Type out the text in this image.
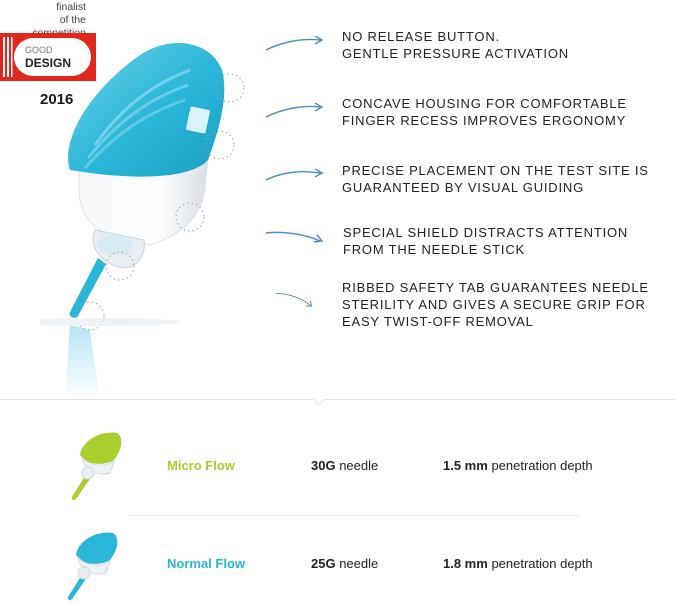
finalist
of the
GOOD
DESIGN
2016
NO RELEASE BUTTON.
GENTLE PRESSURE ACTIVATION
CONCAVE HOUSING FOR COMFORTABLE
FINGER RECESS IMPROVES ERGONOMY
PRECISE PLACEMENT ON THE TEST SITE IS
GUARANTEED BY VISUAL GUIDING
SPECIAL SHIELD DISTRACTS ATTENTION
FROM THE NEEDLE STICK
RIBBED SAFETY TAB GUARANTEES NEEDLE
STERILITY AND GIVES A SECURE GRIP FOR
EASY TWIST-OFF REMOVAL
Micro Flow	30G needle	1.5 mm penetration depth
Normal Flow	25G needle	1.8 mm penetration depth
